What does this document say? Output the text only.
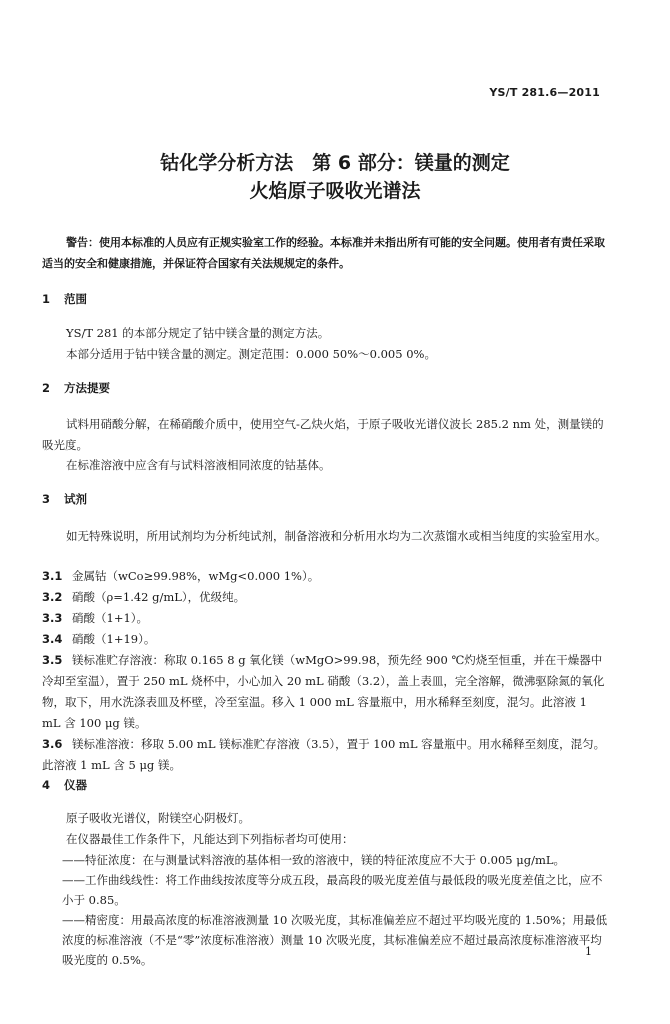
YS/T 281.6—2011
钴化学分析方法　第 6 部分：镁量的测定
火焰原子吸收光谱法
警告：使用本标准的人员应有正规实验室工作的经验。本标准并未指出所有可能的安全问题。使用者有责任采取适当的安全和健康措施，并保证符合国家有关法规规定的条件。
1 范围
YS/T 281 的本部分规定了钴中镁含量的测定方法。
本部分适用于钴中镁含量的测定。测定范围：0.000 50%～0.005 0%。
2 方法提要
试料用硝酸分解，在稀硝酸介质中，使用空气-乙炔火焰，于原子吸收光谱仪波长 285.2 nm 处，测量镁的吸光度。
在标准溶液中应含有与试料溶液相同浓度的钴基体。
3 试剂
如无特殊说明，所用试剂均为分析纯试剂，制备溶液和分析用水均为二次蒸馏水或相当纯度的实验室用水。
3.1 金属钴（wCo≥99.98%，wMg<0.000 1%）。
3.2 硝酸（ρ=1.42 g/mL），优级纯。
3.3 硝酸（1+1）。
3.4 硝酸（1+19）。
3.5 镁标准贮存溶液：称取 0.165 8 g 氧化镁（wMgO>99.98，预先经 900 ℃灼烧至恒重，并在干燥器中冷却至室温），置于 250 mL 烧杯中，小心加入 20 mL 硝酸（3.2），盖上表皿，完全溶解，微沸驱除氮的氧化物，取下，用水洗涤表皿及杯壁，冷至室温。移入 1 000 mL 容量瓶中，用水稀释至刻度，混匀。此溶液 1 mL 含 100 μg 镁。
3.6 镁标准溶液：移取 5.00 mL 镁标准贮存溶液（3.5），置于 100 mL 容量瓶中。用水稀释至刻度，混匀。此溶液 1 mL 含 5 μg 镁。
4 仪器
原子吸收光谱仪，附镁空心阴极灯。
在仪器最佳工作条件下，凡能达到下列指标者均可使用：
——特征浓度：在与测量试料溶液的基体相一致的溶液中，镁的特征浓度应不大于 0.005 μg/mL。
——工作曲线线性：将工作曲线按浓度等分成五段，最高段的吸光度差值与最低段的吸光度差值之比，应不小于 0.85。
——精密度：用最高浓度的标准溶液测量 10 次吸光度，其标准偏差应不超过平均吸光度的 1.50%；用最低浓度的标准溶液（不是“零”浓度标准溶液）测量 10 次吸光度，其标准偏差应不超过最高浓度标准溶液平均吸光度的 0.5%。
1
